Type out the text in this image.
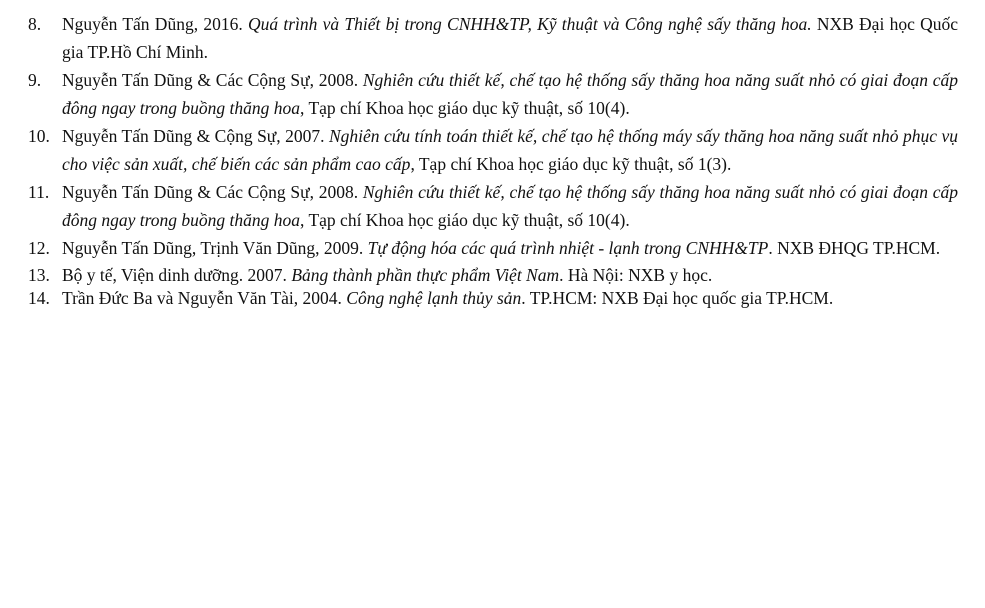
8.	Nguyễn Tấn Dũng, 2016. Quá trình và Thiết bị trong CNHH&TP, Kỹ thuật và Công nghệ sấy thăng hoa. NXB Đại học Quốc gia TP.Hồ Chí Minh.
9.	Nguyễn Tấn Dũng & Các Cộng Sự, 2008. Nghiên cứu thiết kế, chế tạo hệ thống sấy thăng hoa năng suất nhỏ có giai đoạn cấp đông ngay trong buồng thăng hoa, Tạp chí Khoa học giáo dục kỹ thuật, số 10(4).
10. Nguyễn Tấn Dũng & Cộng Sự, 2007. Nghiên cứu tính toán thiết kế, chế tạo hệ thống máy sấy thăng hoa năng suất nhỏ phục vụ cho việc sản xuất, chế biến các sản phẩm cao cấp, Tạp chí Khoa học giáo dục kỹ thuật, số 1(3).
11. Nguyễn Tấn Dũng & Các Cộng Sự, 2008. Nghiên cứu thiết kế, chế tạo hệ thống sấy thăng hoa năng suất nhỏ có giai đoạn cấp đông ngay trong buồng thăng hoa, Tạp chí Khoa học giáo dục kỹ thuật, số 10(4).
12. Nguyễn Tấn Dũng, Trịnh Văn Dũng, 2009. Tự động hóa các quá trình nhiệt - lạnh trong CNHH&TP. NXB ĐHQG TP.HCM.
13. Bộ y tế, Viện dinh dưỡng. 2007. Bảng thành phần thực phẩm Việt Nam. Hà Nội: NXB y học.
14. Trần Đức Ba và Nguyễn Văn Tài, 2004. Công nghệ lạnh thủy sản. TP.HCM: NXB Đại học quốc gia TP.HCM.
